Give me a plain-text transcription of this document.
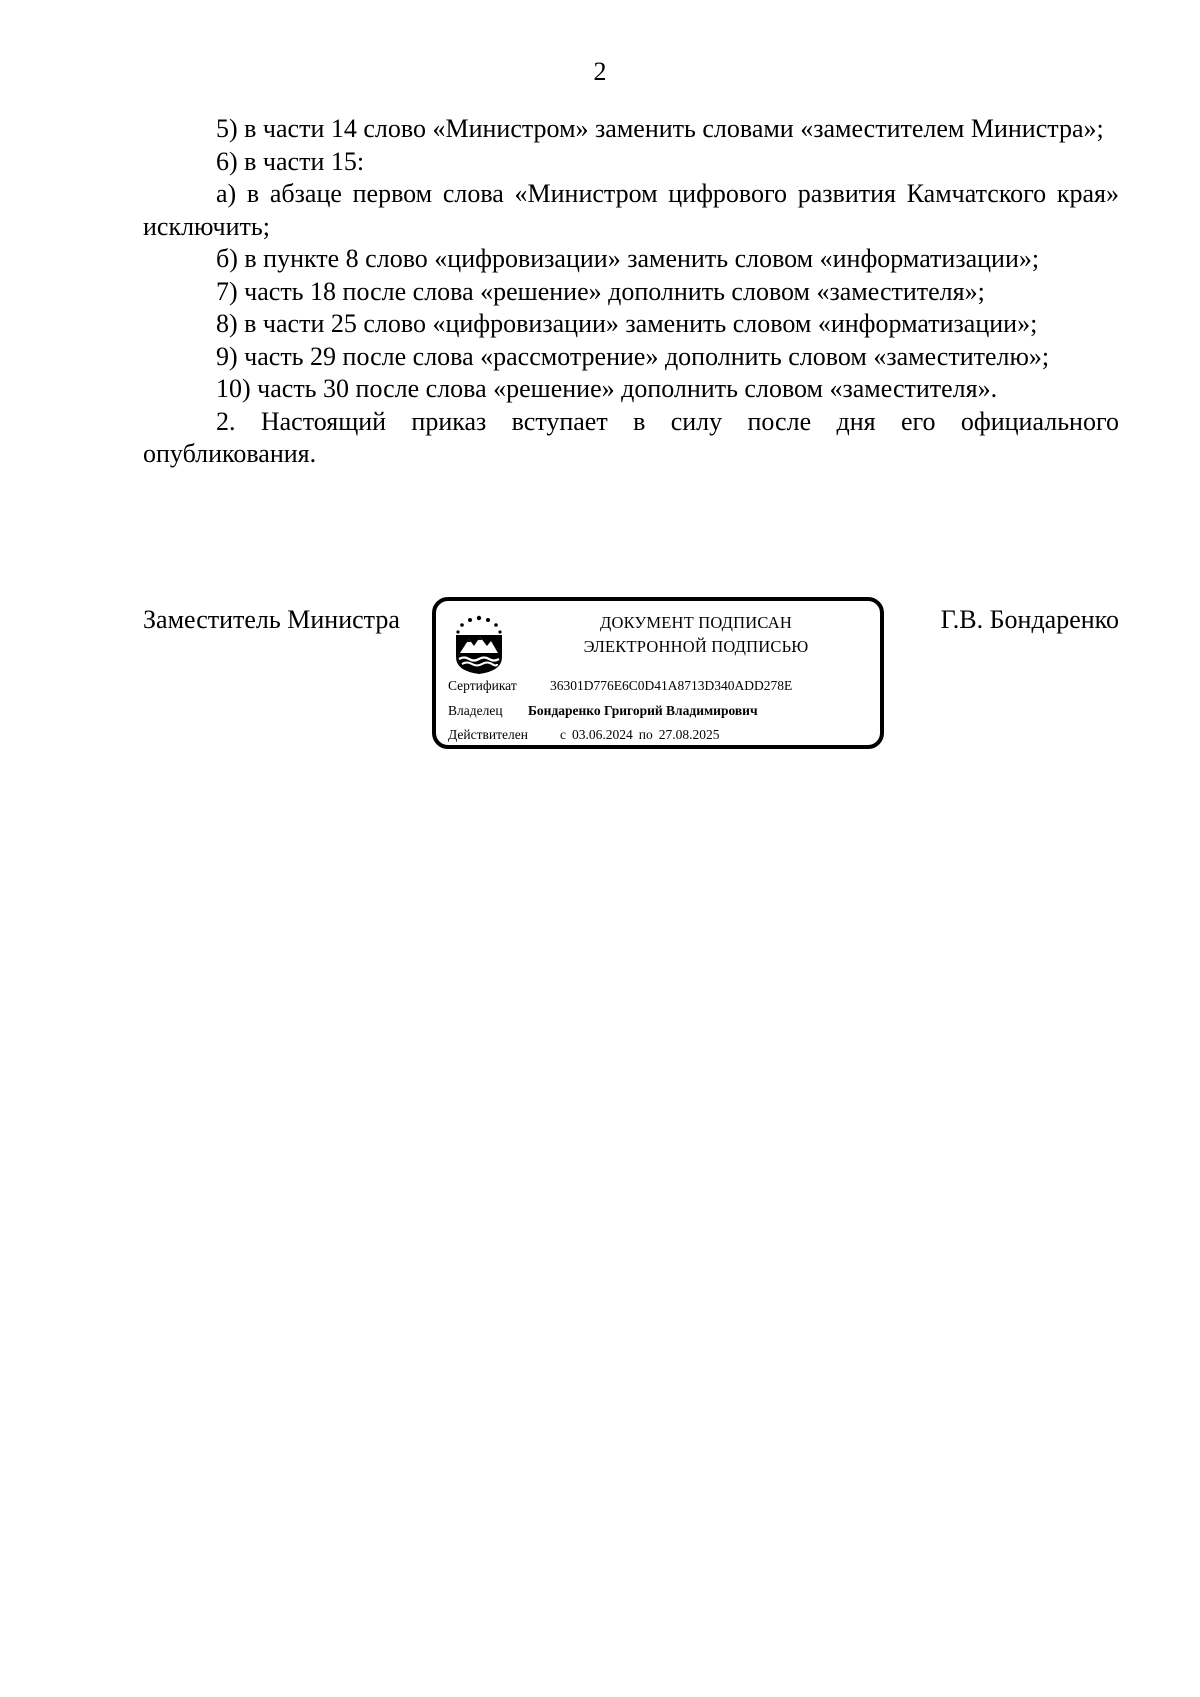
2

5) в части 14 слово «Министром» заменить словами «заместителем Министра»;

6) в части 15:

а) в абзаце первом слова «Министром цифрового развития Камчатского края» исключить;

б) в пункте 8 слово «цифровизации» заменить словом «информатизации»;

7) часть 18 после слова «решение» дополнить словом «заместителя»;

8) в части 25 слово «цифровизации» заменить словом «информатизации»;

9) часть 29 после слова «рассмотрение» дополнить словом «заместителю»;

10) часть 30 после слова «решение» дополнить словом «заместителя».

2. Настоящий приказ вступает в силу после дня его официального опубликования.

Заместитель Министра	ДОКУМЕНТ ПОДПИСАН
ЭЛЕКТРОННОЙ ПОДПИСЬЮ
Сертификат 36301D776E6C0D41A8713D340ADD278E
Владелец Бондаренко Григорий Владимирович
Действителен с 03.06.2024 по 27.08.2025
Г.В. Бондаренко
